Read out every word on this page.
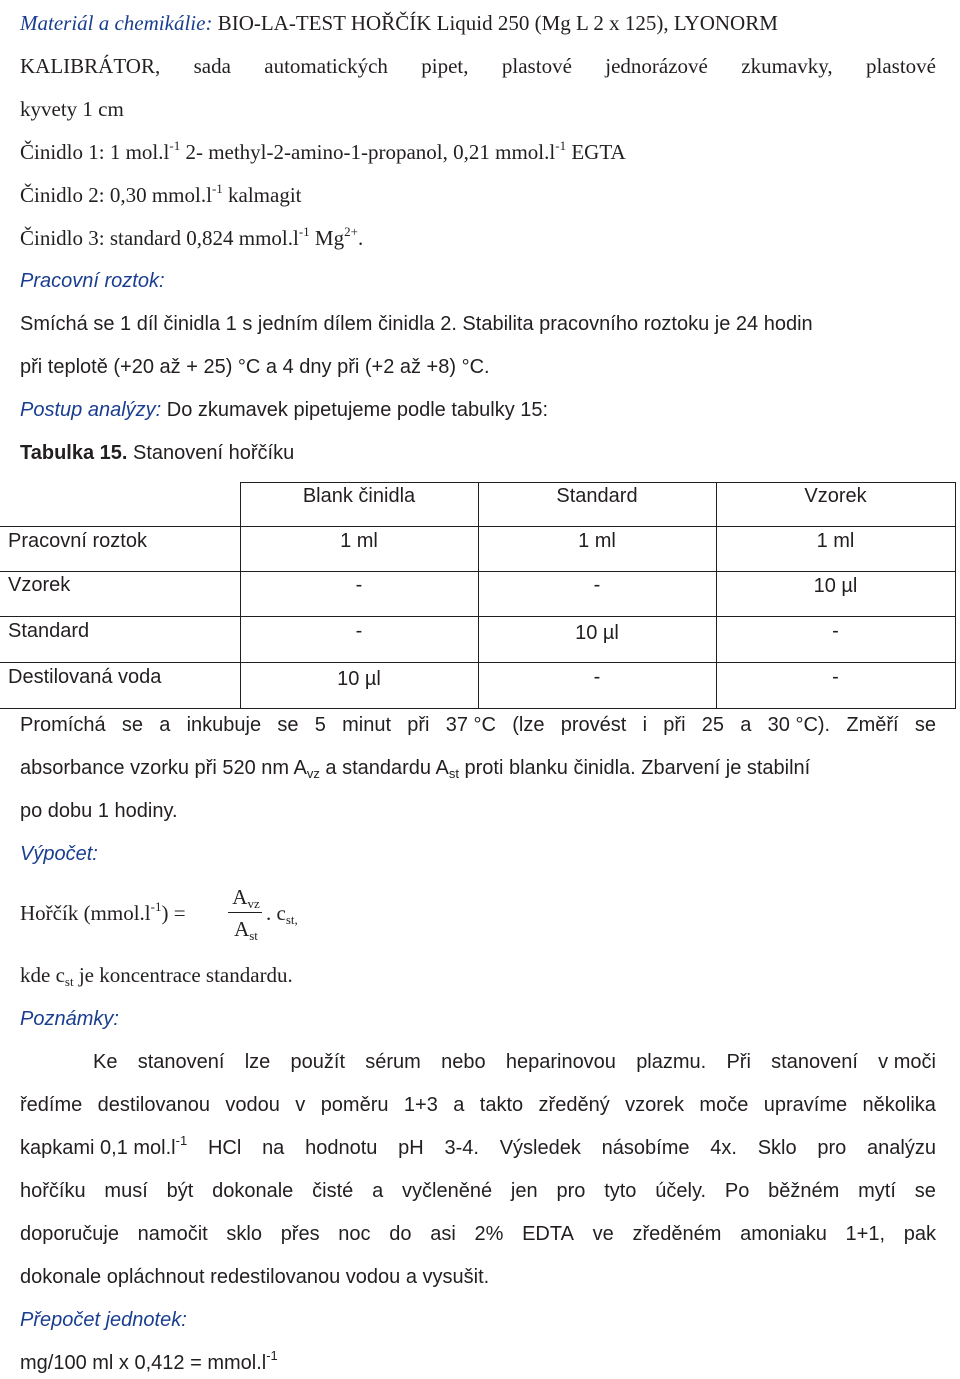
Materiál a chemikálie: BIO-LA-TEST HOŘČÍK Liquid 250 (Mg L 2 x 125), LYONORM
KALIBRÁTOR, sada automatických pipet, plastové jednorázové zkumavky, plastové
kyvety 1 cm
Činidlo 1: 1 $mol.l^{-1}$ 2- methyl-2-amino-1-propanol, 0,21 $mmol.l^{-1}$ EGTA
Činidlo 2: 0,30 $mmol.l^{-1}$ kalmagit
Činidlo 3: standard 0,824 $mmol.l^{-1}$ $Mg^{2+}$.
Pracovní roztok:
Smíchá se 1 díl činidla 1 s jedním dílem činidla 2. Stabilita pracovního roztoku je 24 hodin
při teplotě (+20 až + 25) °C a 4 dny při (+2 až +8) °C.
Postup analýzy: Do zkumavek pipetujeme podle tabulky 15:
Tabulka 15. Stanovení hořčíku
Blank činidla	Standard	Vzorek
Pracovní roztok	1 ml	1 ml	1 ml
Vzorek	-	-	10 µl
Standard	-	10 µl	-
Destilovaná voda	10 µl	-	-
Promíchá se a inkubuje se 5 minut při 37 °C (lze provést i při 25 a 30 °C). Změří se
absorbance vzorku při 520 nm $A_{vz}$ a standardu $A_{st}$ proti blanku činidla. Zbarvení je stabilní
po dobu 1 hodiny.
Výpočet:
Hořčík $(mmol.l^{-1})$ =
$A_{vz}$
$A_{st}$
. $c_{st,}$
kde $c_{st}$ je koncentrace standardu.
Poznámky:
Ke stanovení lze použít sérum nebo heparinovou plazmu. Při stanovení v moči
ředíme destilovanou vodou v poměru 1+3 a takto zředěný vzorek moče upravíme několika
kapkami 0,1 $mol.l^{-1}$ HCl na hodnotu pH 3-4. Výsledek násobíme 4x. Sklo pro analýzu
hořčíku musí být dokonale čisté a vyčleněné jen pro tyto účely. Po běžném mytí se
doporučuje namočit sklo přes noc do asi 2% EDTA ve zředěném amoniaku 1+1, pak
dokonale opláchnout redestilovanou vodou a vysušit.
Přepočet jednotek:
mg/100 ml x $0,412 = mmol.l^{-1}$
